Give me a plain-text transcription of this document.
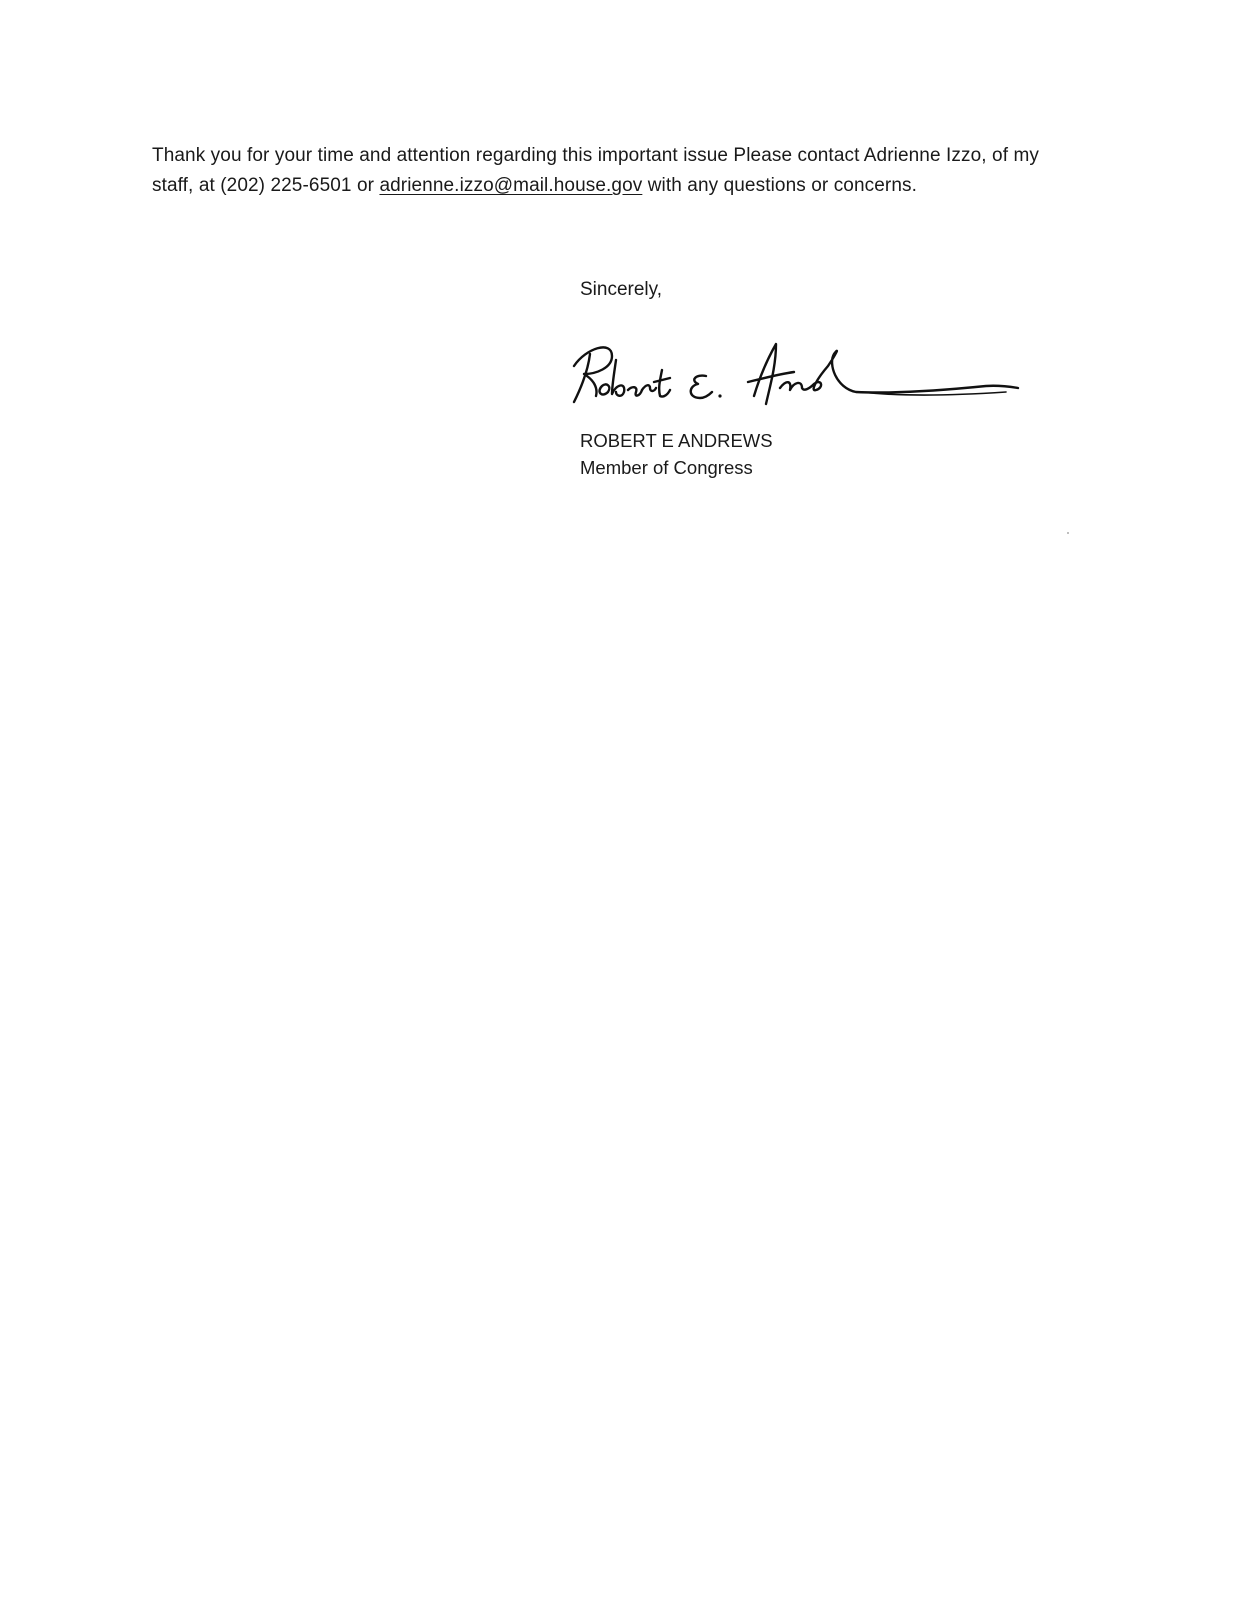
Thank you for your time and attention regarding this important issue Please contact Adrienne Izzo, of my staff, at (202) 225-6501 or adrienne.izzo@mail.house.gov with any questions or concerns.

Sincerely,
ROBERT E ANDREWS
Member of Congress
